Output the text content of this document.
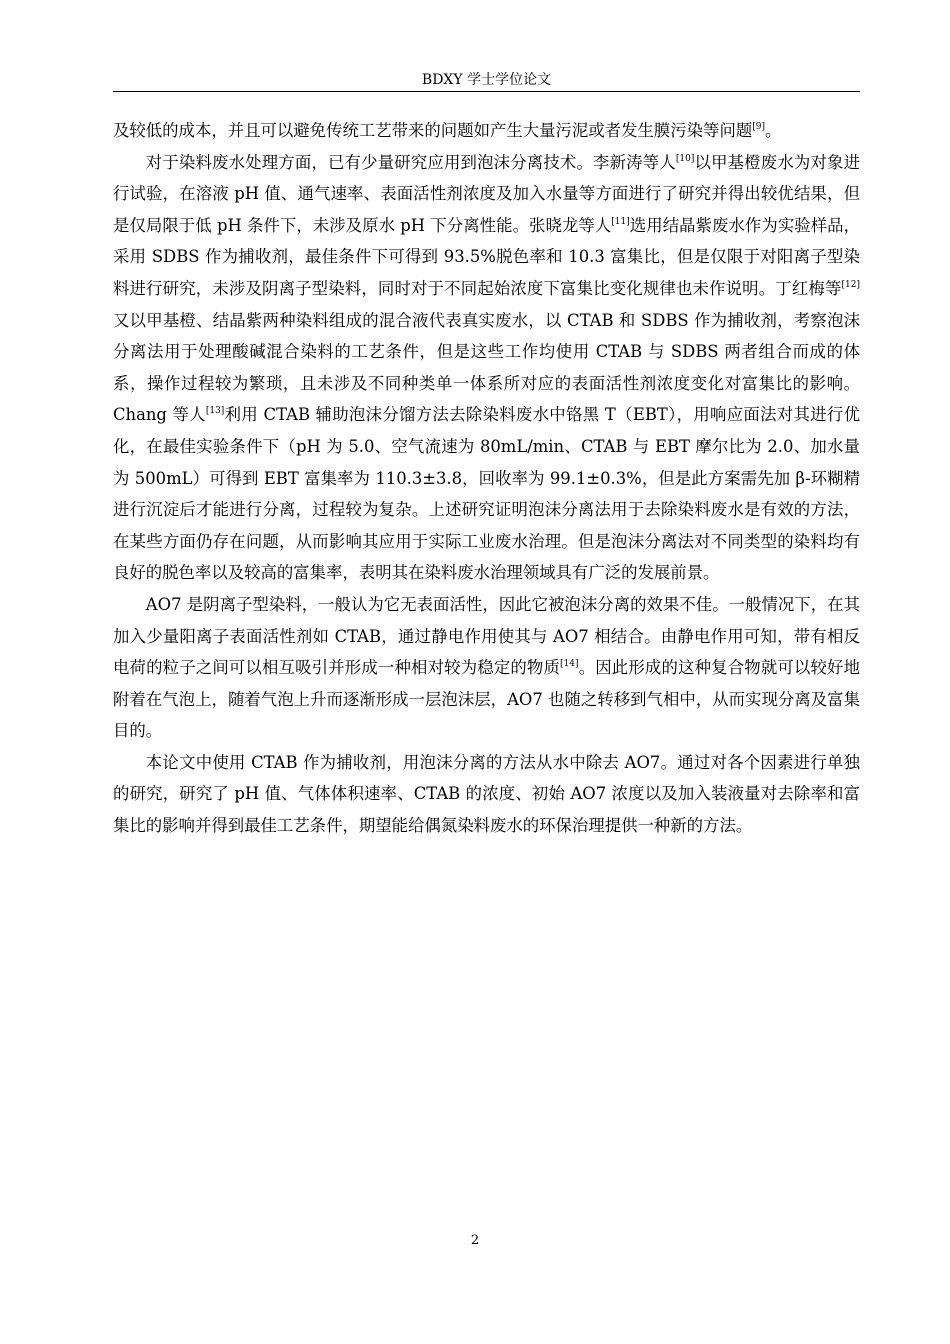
BDXY 学士学位论文

及较低的成本，并且可以避免传统工艺带来的问题如产生大量污泥或者发生膜污染等问题[9]。

对于染料废水处理方面，已有少量研究应用到泡沫分离技术。李新涛等人[10]以甲基橙废水为对象进行试验，在溶液 pH 值、通气速率、表面活性剂浓度及加入水量等方面进行了研究并得出较优结果，但是仅局限于低 pH 条件下，未涉及原水 pH 下分离性能。张晓龙等人[11]选用结晶紫废水作为实验样品，采用 SDBS 作为捕收剂，最佳条件下可得到 93.5%脱色率和 10.3 富集比，但是仅限于对阳离子型染料进行研究，未涉及阴离子型染料，同时对于不同起始浓度下富集比变化规律也未作说明。丁红梅等[12]又以甲基橙、结晶紫两种染料组成的混合液代表真实废水，以 CTAB 和 SDBS 作为捕收剂，考察泡沫分离法用于处理酸碱混合染料的工艺条件，但是这些工作均使用 CTAB 与 SDBS 两者组合而成的体系，操作过程较为繁琐，且未涉及不同种类单一体系所对应的表面活性剂浓度变化对富集比的影响。Chang 等人[13]利用 CTAB 辅助泡沫分馏方法去除染料废水中铬黑 T（EBT），用响应面法对其进行优化，在最佳实验条件下（pH 为 5.0、空气流速为 80mL/min、CTAB 与 EBT 摩尔比为 2.0、加水量为 500mL）可得到 EBT 富集率为 110.3±3.8，回收率为 99.1±0.3%，但是此方案需先加 β-环糊精进行沉淀后才能进行分离，过程较为复杂。上述研究证明泡沫分离法用于去除染料废水是有效的方法，在某些方面仍存在问题，从而影响其应用于实际工业废水治理。但是泡沫分离法对不同类型的染料均有良好的脱色率以及较高的富集率，表明其在染料废水治理领域具有广泛的发展前景。

AO7 是阴离子型染料，一般认为它无表面活性，因此它被泡沫分离的效果不佳。一般情况下，在其加入少量阳离子表面活性剂如 CTAB，通过静电作用使其与 AO7 相结合。由静电作用可知，带有相反电荷的粒子之间可以相互吸引并形成一种相对较为稳定的物质[14]。因此形成的这种复合物就可以较好地附着在气泡上，随着气泡上升而逐渐形成一层泡沫层，AO7 也随之转移到气相中，从而实现分离及富集目的。

本论文中使用 CTAB 作为捕收剂，用泡沫分离的方法从水中除去 AO7。通过对各个因素进行单独的研究，研究了 pH 值、气体体积速率、CTAB 的浓度、初始 AO7 浓度以及加入装液量对去除率和富集比的影响并得到最佳工艺条件，期望能给偶氮染料废水的环保治理提供一种新的方法。

2
